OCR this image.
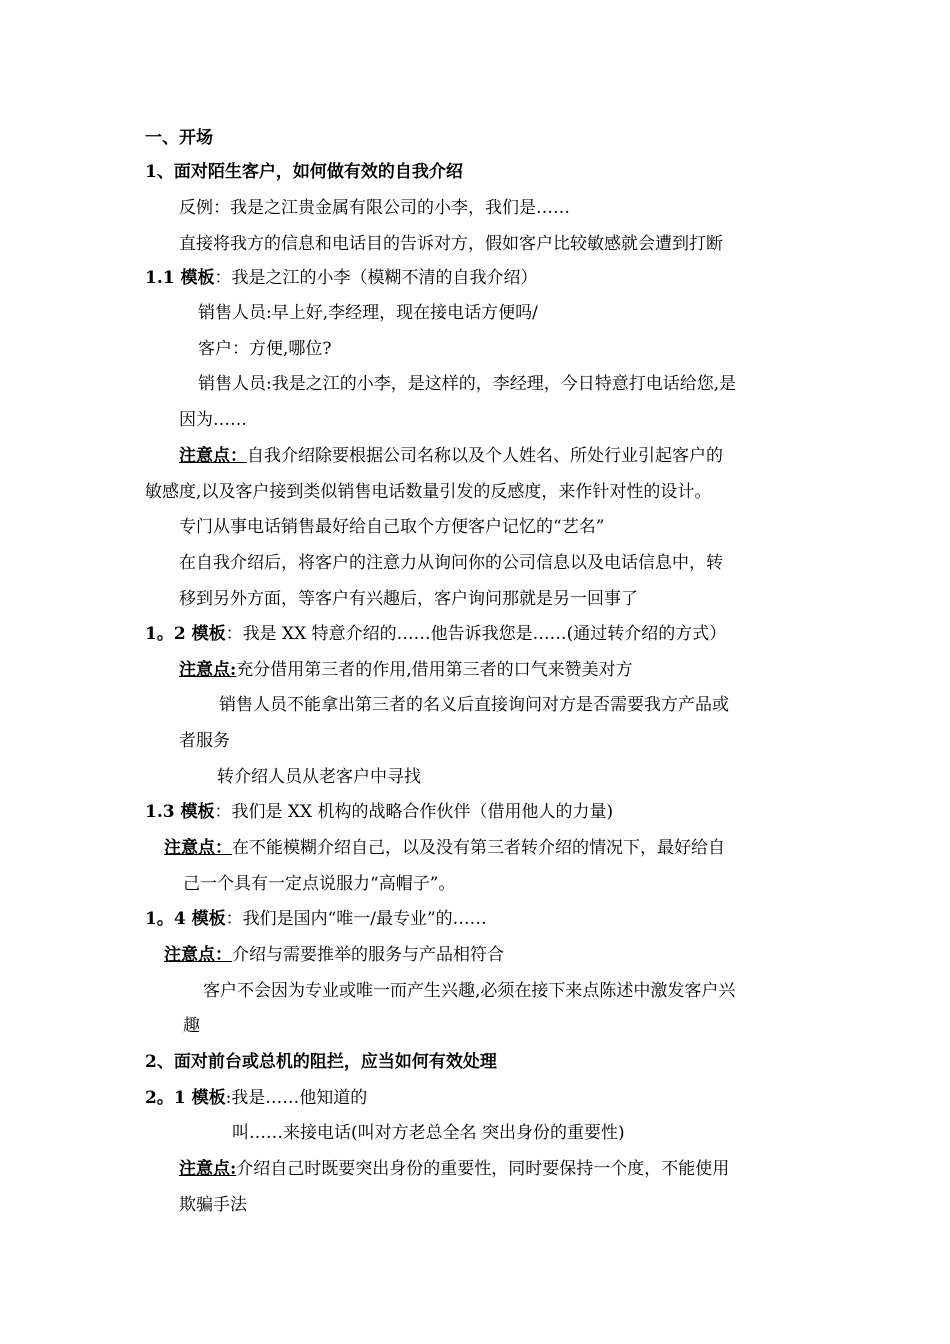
一、开场
1、面对陌生客户，如何做有效的自我介绍
反例：我是之江贵金属有限公司的小李，我们是……
直接将我方的信息和电话目的告诉对方，假如客户比较敏感就会遭到打断
1.1 模板：我是之江的小李（模糊不清的自我介绍）
销售人员:早上好,李经理，现在接电话方便吗/
客户：方便,哪位?
销售人员:我是之江的小李，是这样的，李经理，今日特意打电话给您,是
因为……
注意点：自我介绍除要根据公司名称以及个人姓名、所处行业引起客户的
敏感度,以及客户接到类似销售电话数量引发的反感度，来作针对性的设计。
专门从事电话销售最好给自己取个方便客户记忆的“艺名”
在自我介绍后，将客户的注意力从询问你的公司信息以及电话信息中，转
移到另外方面，等客户有兴趣后，客户询问那就是另一回事了
1。2 模板：我是 XX 特意介绍的……他告诉我您是……(通过转介绍的方式）
注意点:充分借用第三者的作用,借用第三者的口气来赞美对方
销售人员不能拿出第三者的名义后直接询问对方是否需要我方产品或
者服务
转介绍人员从老客户中寻找
1.3 模板：我们是 XX 机构的战略合作伙伴（借用他人的力量)
注意点：在不能模糊介绍自己，以及没有第三者转介绍的情况下，最好给自
己一个具有一定点说服力“高帽子”。
1。4 模板：我们是国内“唯一/最专业”的……
注意点：介绍与需要推举的服务与产品相符合
客户不会因为专业或唯一而产生兴趣,必须在接下来点陈述中激发客户兴
趣
2、面对前台或总机的阻拦，应当如何有效处理
2。1 模板:我是……他知道的
叫……来接电话(叫对方老总全名 突出身份的重要性)
注意点:介绍自己时既要突出身份的重要性，同时要保持一个度，不能使用
欺骗手法
